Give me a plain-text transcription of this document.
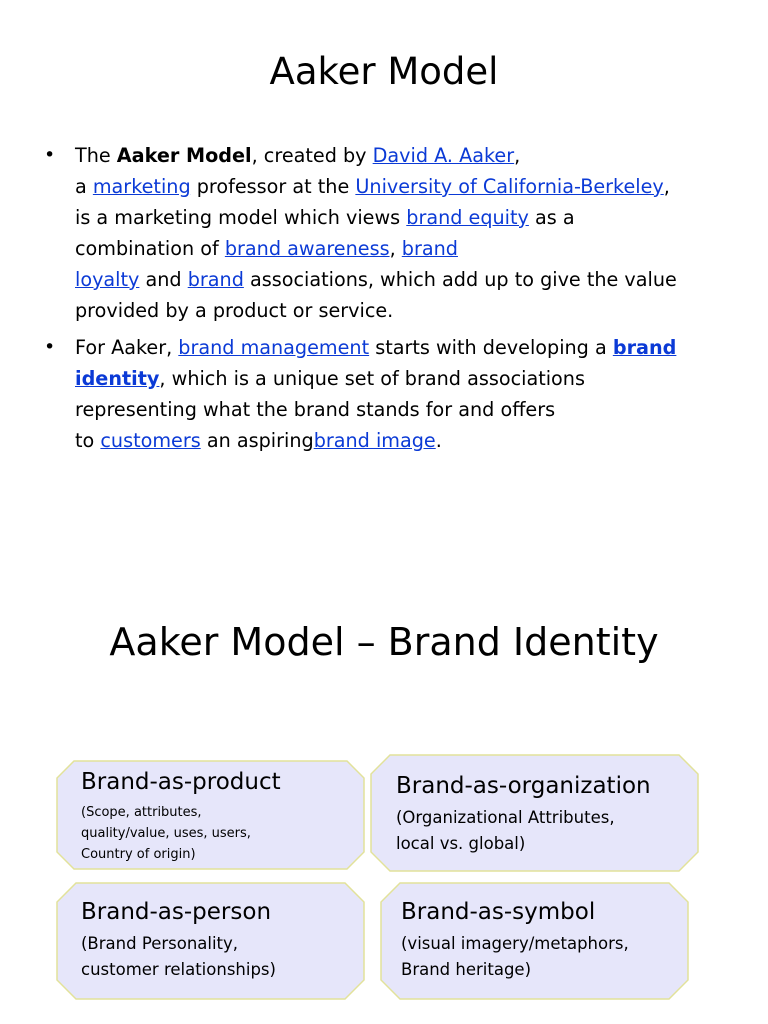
Aaker Model
• The Aaker Model, created by David A. Aaker,
a marketing professor at the University of California-Berkeley,
is a marketing model which views brand equity as a
combination of brand awareness, brand
loyalty and brand associations, which add up to give the value
provided by a product or service.
• For Aaker, brand management starts with developing a brand
identity, which is a unique set of brand associations
representing what the brand stands for and offers
to customers an aspiringbrand image.
Aaker Model – Brand Identity
Brand-as-product
(Scope, attributes,
quality/value, uses, users,
Country of origin)
Brand-as-organization
(Organizational Attributes,
local vs. global)
Brand-as-person
(Brand Personality,
customer relationships)
Brand-as-symbol
(visual imagery/metaphors,
Brand heritage)
